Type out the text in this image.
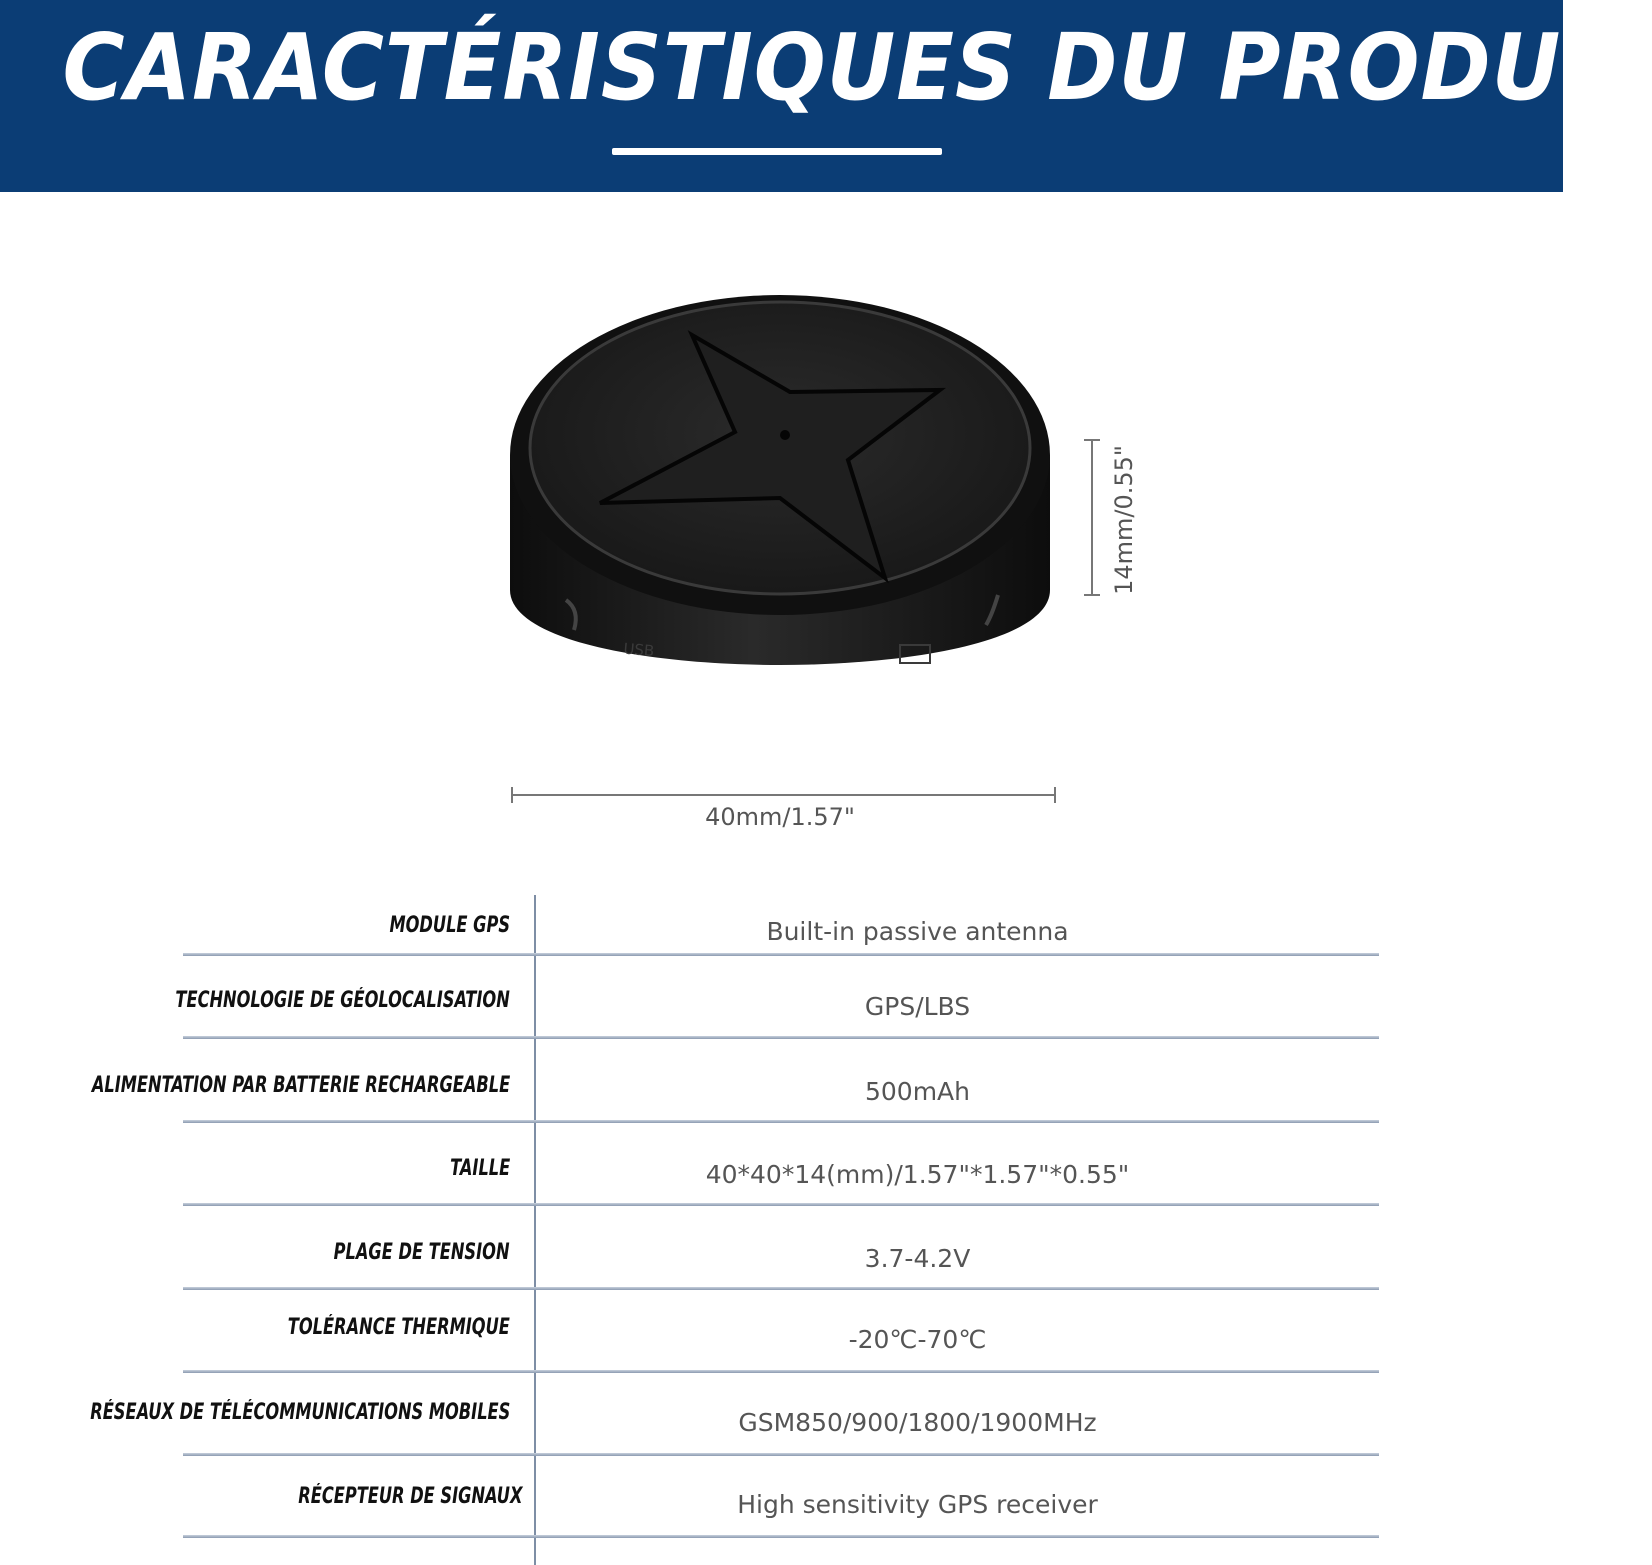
CARACTÉRISTIQUES DU PRODUIT
USB
40mm/1.57"
14mm/0.55"
MODULE GPS	Built-in passive antenna
TECHNOLOGIE DE GÉOLOCALISATION	GPS/LBS
ALIMENTATION PAR BATTERIE RECHARGEABLE	500mAh
TAILLE	40*40*14(mm)/1.57"*1.57"*0.55"
PLAGE DE TENSION	3.7-4.2V
TOLÉRANCE THERMIQUE	-20℃-70℃
RÉSEAUX DE TÉLÉCOMMUNICATIONS MOBILES	GSM850/900/1800/1900MHz
RÉCEPTEUR DE SIGNAUX	High sensitivity GPS receiver
